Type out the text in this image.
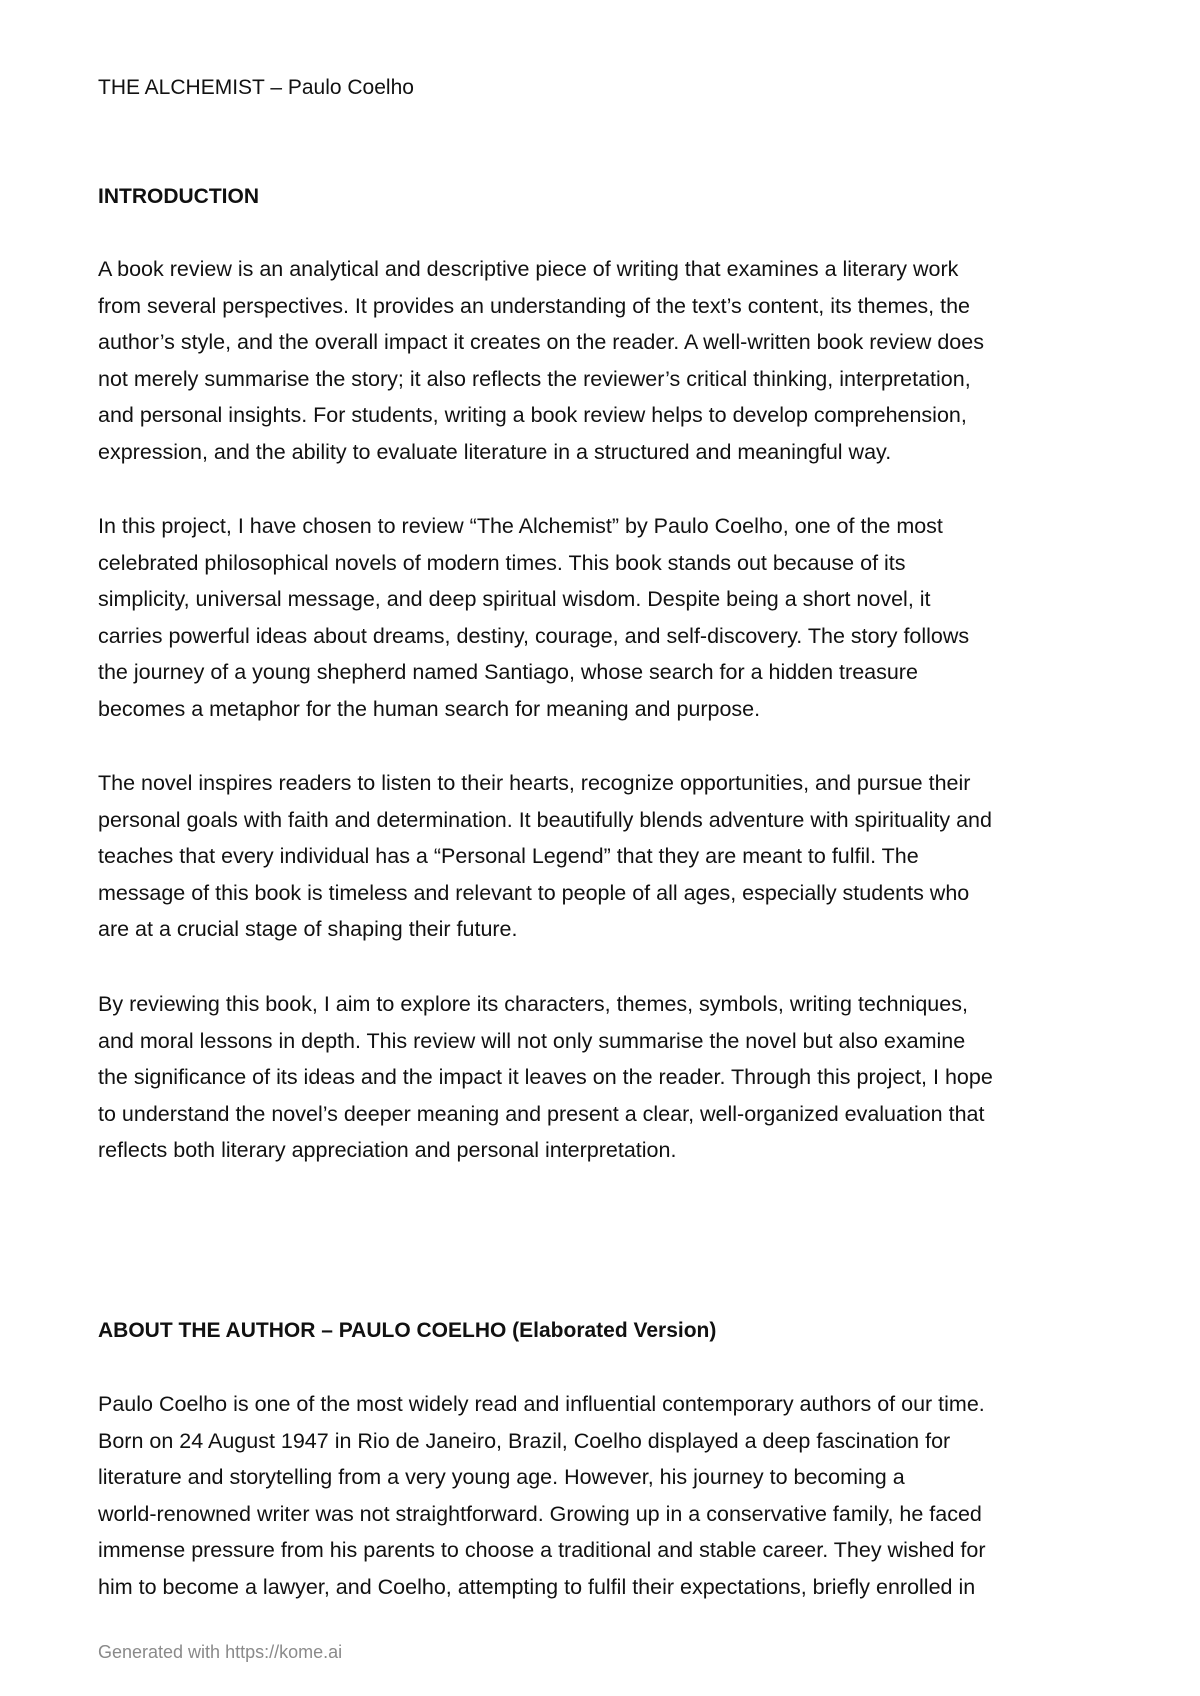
THE ALCHEMIST – Paulo Coelho
INTRODUCTION

A book review is an analytical and descriptive piece of writing that examines a literary work
from several perspectives. It provides an understanding of the text’s content, its themes, the
author’s style, and the overall impact it creates on the reader. A well-written book review does
not merely summarise the story; it also reflects the reviewer’s critical thinking, interpretation,
and personal insights. For students, writing a book review helps to develop comprehension,
expression, and the ability to evaluate literature in a structured and meaningful way.

In this project, I have chosen to review “The Alchemist” by Paulo Coelho, one of the most
celebrated philosophical novels of modern times. This book stands out because of its
simplicity, universal message, and deep spiritual wisdom. Despite being a short novel, it
carries powerful ideas about dreams, destiny, courage, and self-discovery. The story follows
the journey of a young shepherd named Santiago, whose search for a hidden treasure
becomes a metaphor for the human search for meaning and purpose.

The novel inspires readers to listen to their hearts, recognize opportunities, and pursue their
personal goals with faith and determination. It beautifully blends adventure with spirituality and
teaches that every individual has a “Personal Legend” that they are meant to fulfil. The
message of this book is timeless and relevant to people of all ages, especially students who
are at a crucial stage of shaping their future.

By reviewing this book, I aim to explore its characters, themes, symbols, writing techniques,
and moral lessons in depth. This review will not only summarise the novel but also examine
the significance of its ideas and the impact it leaves on the reader. Through this project, I hope
to understand the novel’s deeper meaning and present a clear, well-organized evaluation that
reflects both literary appreciation and personal interpretation.

ABOUT THE AUTHOR – PAULO COELHO (Elaborated Version)

Paulo Coelho is one of the most widely read and influential contemporary authors of our time.
Born on 24 August 1947 in Rio de Janeiro, Brazil, Coelho displayed a deep fascination for
literature and storytelling from a very young age. However, his journey to becoming a
world-renowned writer was not straightforward. Growing up in a conservative family, he faced
immense pressure from his parents to choose a traditional and stable career. They wished for
him to become a lawyer, and Coelho, attempting to fulfil their expectations, briefly enrolled in

Generated with https://kome.ai
